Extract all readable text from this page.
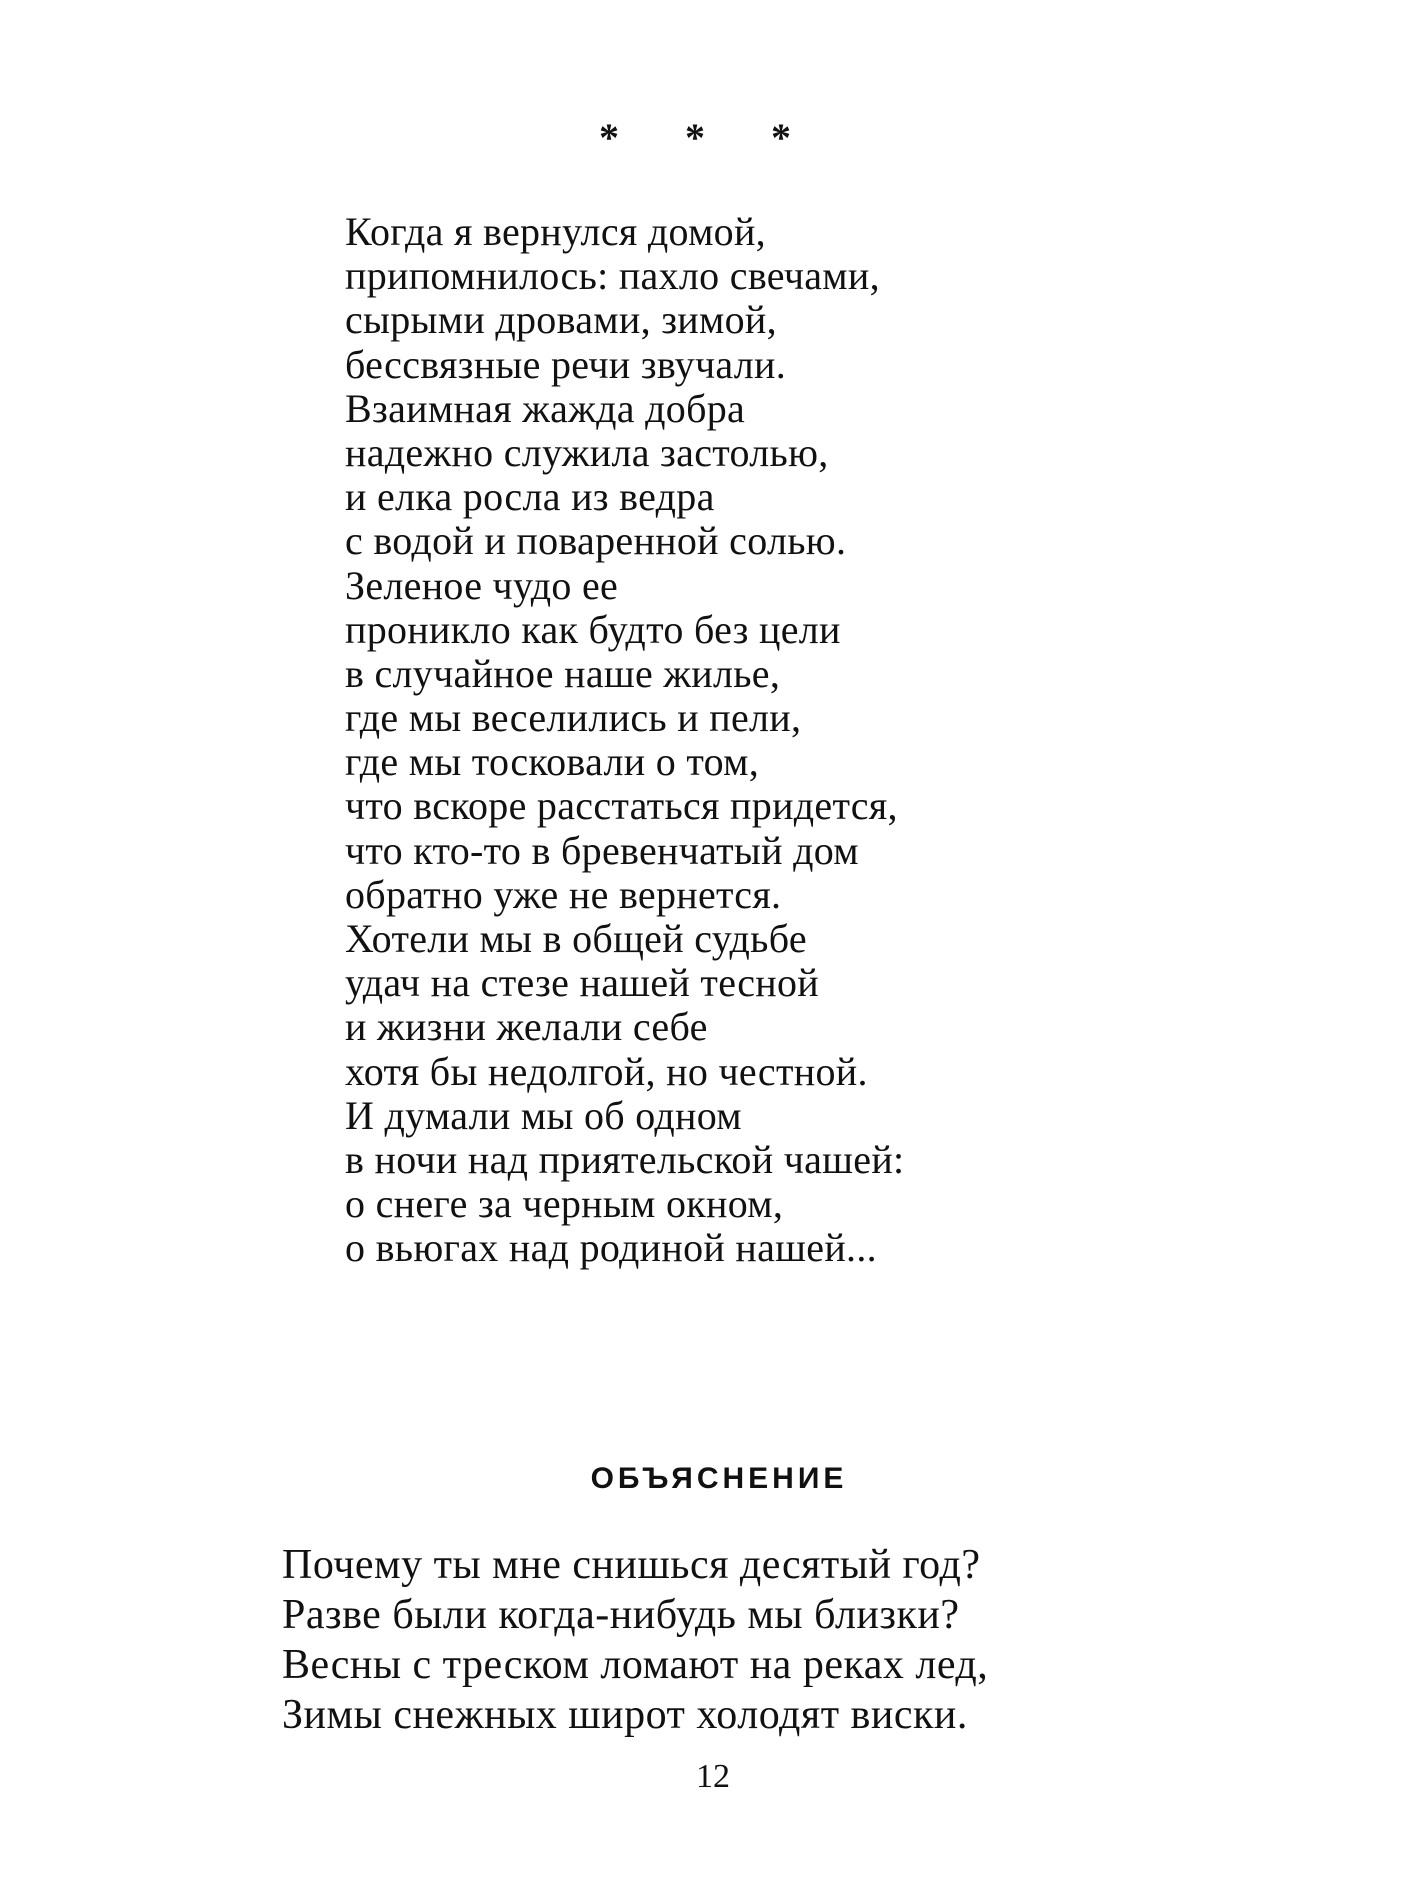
* * *
Когда я вернулся домой,
припомнилось: пахло свечами,
сырыми дровами, зимой,
бессвязные речи звучали.
Взаимная жажда добра
надежно служила застолью,
и елка росла из ведра
с водой и поваренной солью.
Зеленое чудо ее
проникло как будто без цели
в случайное наше жилье,
где мы веселились и пели,
где мы тосковали о том,
что вскоре расстаться придется,
что кто-то в бревенчатый дом
обратно уже не вернется.
Хотели мы в общей судьбе
удач на стезе нашей тесной
и жизни желали себе
хотя бы недолгой, но честной.
И думали мы об одном
в ночи над приятельской чашей:
о снеге за черным окном,
о вьюгах над родиной нашей...
ОБЪЯСНЕНИЕ
Почему ты мне снишься десятый год?
Разве были когда-нибудь мы близки?
Весны с треском ломают на реках лед,
Зимы снежных широт холодят виски.
12
